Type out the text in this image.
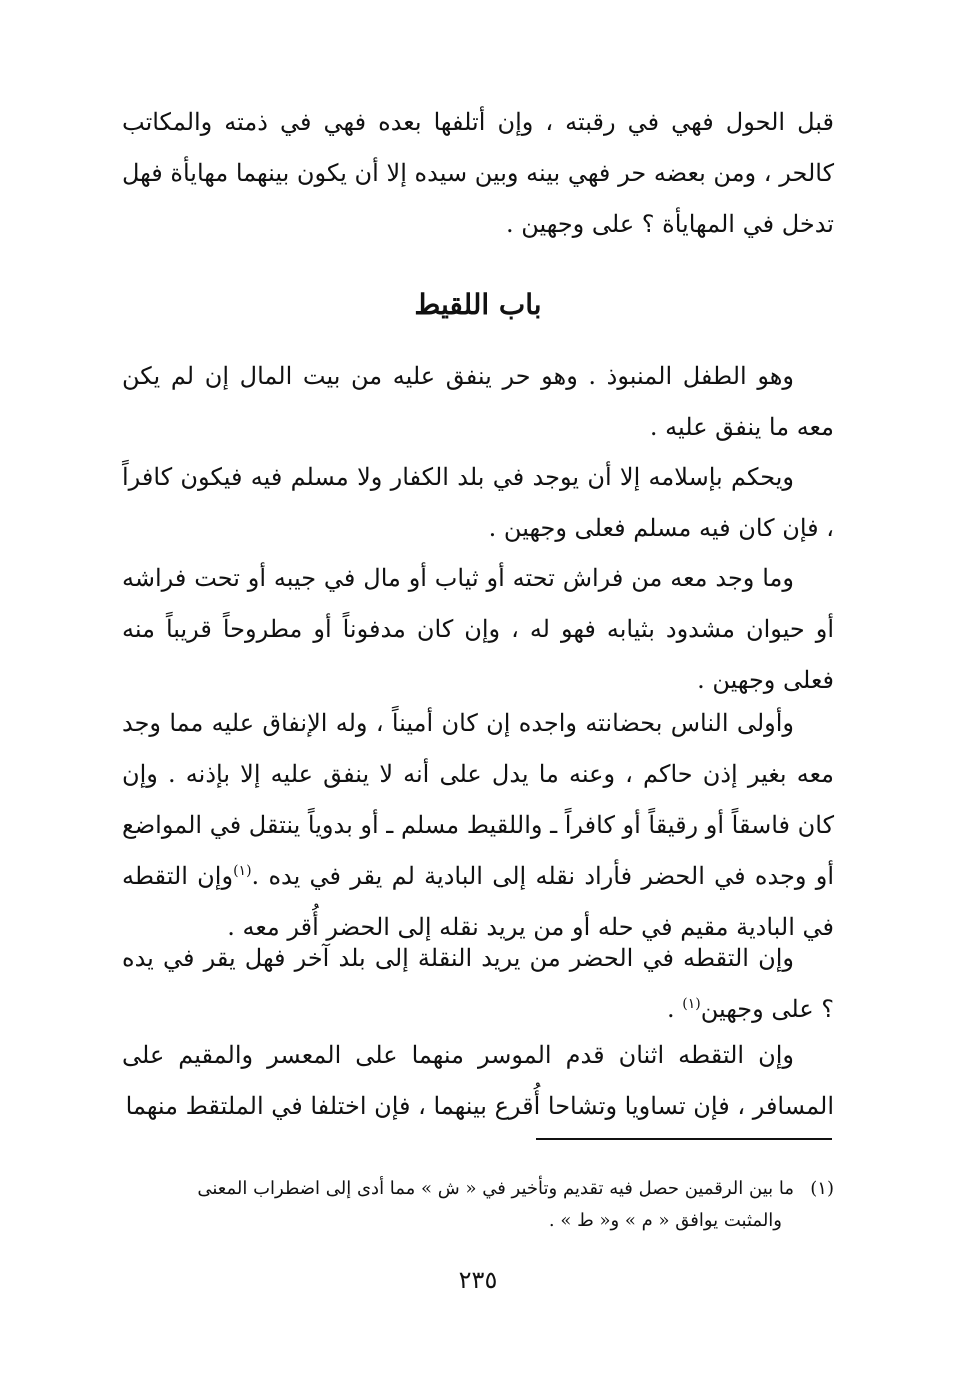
قبل الحول فهي في رقبته ، وإن أتلفها بعده فهي في ذمته والمكاتب كالحر ، ومن بعضه حر فهي بينه وبين سيده إلا أن يكون بينهما مهايأة فهل تدخل في المهايأة ؟ على وجهين .

باب اللقيط

وهو الطفل المنبوذ . وهو حر ينفق عليه من بيت المال إن لم يكن معه ما ينفق عليه .

ويحكم بإسلامه إلا أن يوجد في بلد الكفار ولا مسلم فيه فيكون كافراً ، فإن كان فيه مسلم فعلى وجهين .

وما وجد معه من فراش تحته أو ثياب أو مال في جيبه أو تحت فراشه أو حيوان مشدود بثيابه فهو له ، وإن كان مدفوناً أو مطروحاً قريباً منه فعلى وجهين .

وأولى الناس بحضانته واجده إن كان أميناً ، وله الإنفاق عليه مما وجد معه بغير إذن حاكم ، وعنه ما يدل على أنه لا ينفق عليه إلا بإذنه . وإن كان فاسقاً أو رقيقاً أو كافراً ـ واللقيط مسلم ـ أو بدوياً ينتقل في المواضع أو وجده في الحضر فأراد نقله إلى البادية لم يقر في يده .$^{(١)}$وإن التقطه في البادية مقيم في حله أو من يريد نقله إلى الحضر أُقر معه .

وإن التقطه في الحضر من يريد النقلة إلى بلد آخر فهل يقر في يده ؟ على وجهين$^{(١)}$ .

وإن التقطه اثنان قدم الموسر منهما على المعسر والمقيم على المسافر ، فإن تساويا وتشاحا أُقرع بينهما ، فإن اختلفا في الملتقط منهما

(١)ما بين الرقمين حصل فيه تقديم وتأخير في « ش » مما أدى إلى اضطراب المعنى
والمثبت يوافق « م » و« ط » .
٢٣٥
